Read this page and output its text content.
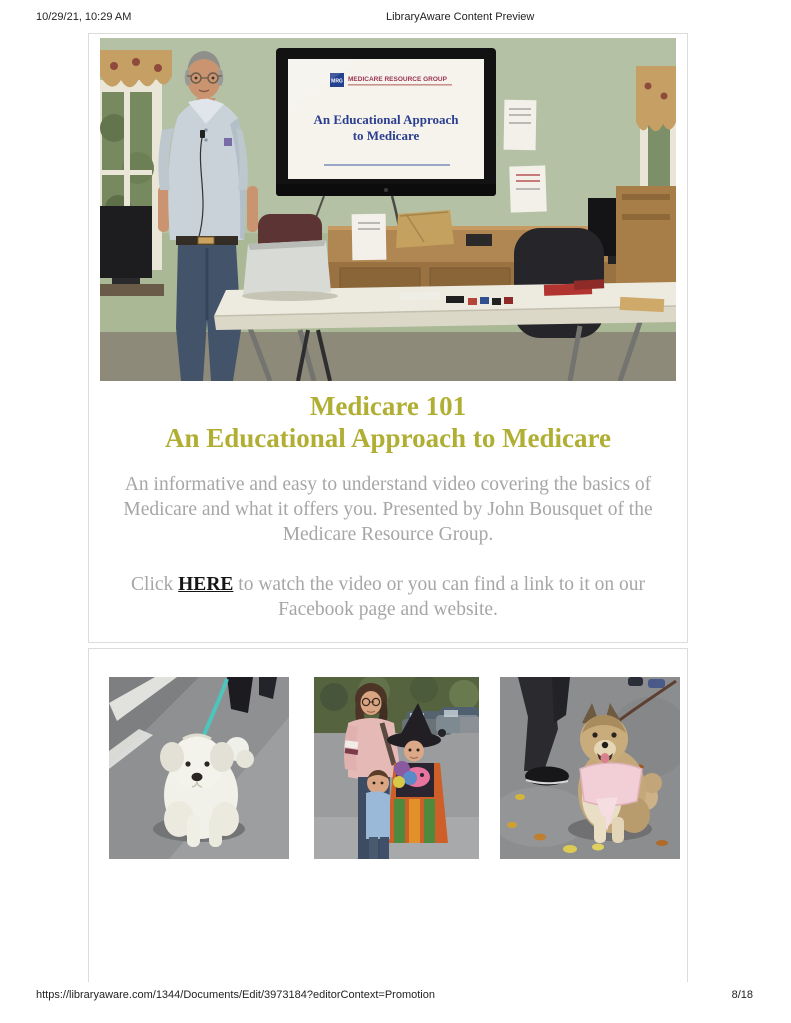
10/29/21, 10:29 AM	LibraryAware Content Preview
MRG MEDICARE RESOURCE GROUP
An Educational Approach
to Medicare
Medicare 101
An Educational Approach to Medicare

An informative and easy to understand video covering the basics of
Medicare and what it offers you. Presented by John Bousquet of the
Medicare Resource Group.

Click HERE to watch the video or you can find a link to it on our
Facebook page and website.

https://libraryaware.com/1344/Documents/Edit/3973184?editorContext=Promotion	8/18
